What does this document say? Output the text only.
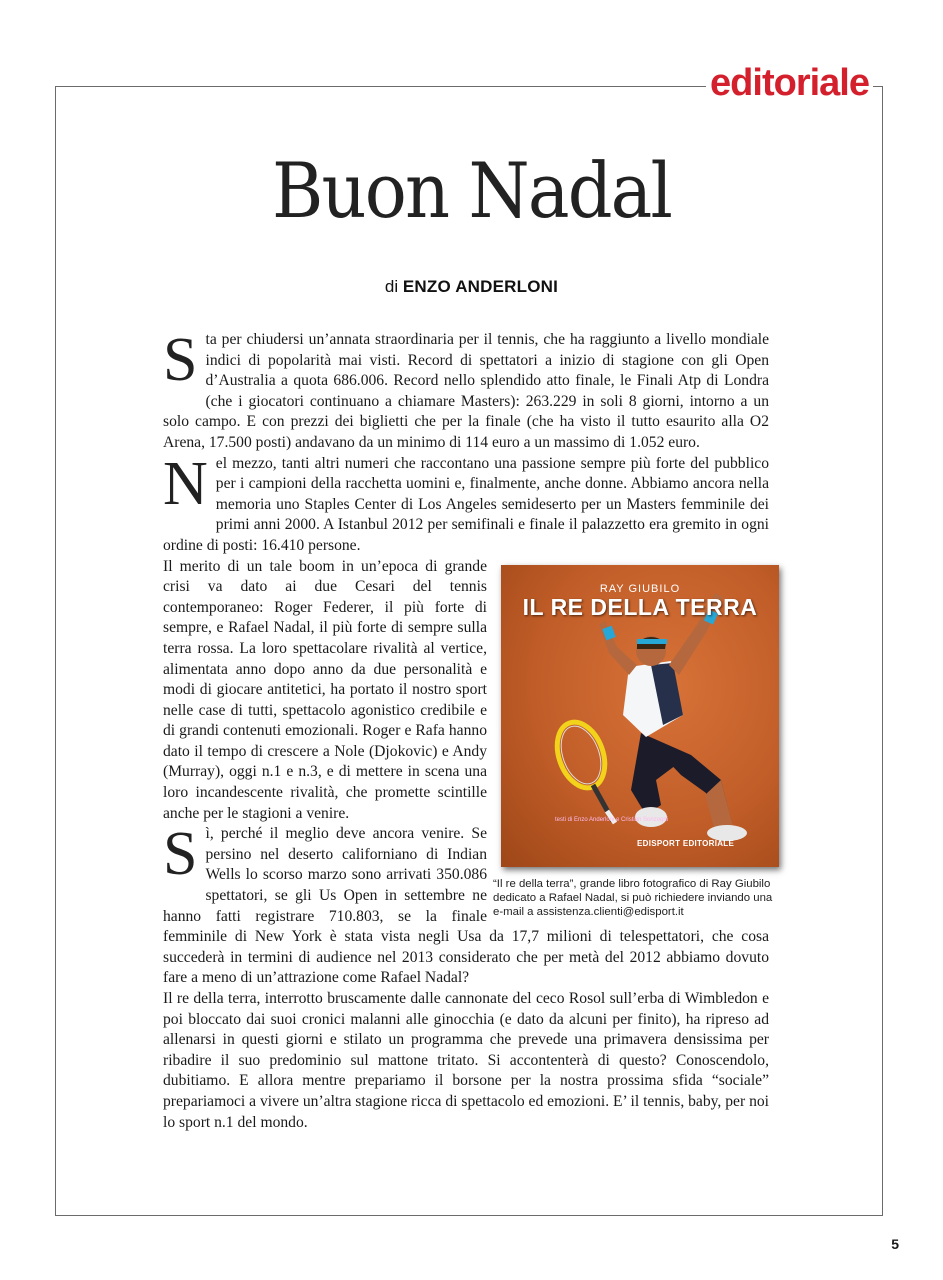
editoriale
Buon Nadal
di ENZO ANDERLONI

Sta per chiudersi un’annata straordinaria per il tennis, che ha raggiunto a livello mondiale indici di popolarità mai visti. Record di spettatori a inizio di stagione con gli Open d’Australia a quota 686.006. Record nello splendido atto finale, le Finali Atp di Londra (che i giocatori continuano a chiamare Masters): 263.229 in soli 8 giorni, intorno a un solo campo. E con prezzi dei biglietti che per la finale (che ha visto il tutto esaurito alla O2 Arena, 17.500 posti) andavano da un minimo di 114 euro a un massimo di 1.052 euro.

Nel mezzo, tanti altri numeri che raccontano una passione sempre più forte del pubblico per i campioni della racchetta uomini e, finalmente, anche donne. Abbiamo ancora nella memoria uno Staples Center di Los Angeles semideserto per un Masters femminile dei primi anni 2000. A Istanbul 2012 per semifinali e finale il palazzetto era gremito in ogni ordine di posti: 16.410 persone.

RAY GIUBILO
IL RE DELLA TERRA
testi di Enzo Anderloni e Cristian Sonzogni
EDISPORT EDITORIALE
“Il re della terra”, grande libro fotografico di Ray Giubilo dedicato a Rafael Nadal, si può richiedere inviando una e-mail a assistenza.clienti@edisport.it

Il merito di un tale boom in un’epoca di grande crisi va dato ai due Cesari del tennis contemporaneo: Roger Federer, il più forte di sempre, e Rafael Nadal, il più forte di sempre sulla terra rossa. La loro spettacolare rivalità al vertice, alimentata anno dopo anno da due personalità e modi di giocare antitetici, ha portato il nostro sport nelle case di tutti, spettacolo agonistico credibile e di grandi contenuti emozionali. Roger e Rafa hanno dato il tempo di crescere a Nole (Djokovic) e Andy (Murray), oggi n.1 e n.3, e di mettere in scena una loro incandescente rivalità, che promette scintille anche per le stagioni a venire.

Sì, perché il meglio deve ancora venire. Se persino nel deserto californiano di Indian Wells lo scorso marzo sono arrivati 350.086 spettatori, se gli Us Open in settembre ne hanno fatti registrare 710.803, se la finale femminile di New York è stata vista negli Usa da 17,7 milioni di telespettatori, che cosa succederà in termini di audience nel 2013 considerato che per metà del 2012 abbiamo dovuto fare a meno di un’attrazione come Rafael Nadal?

Il re della terra, interrotto bruscamente dalle cannonate del ceco Rosol sull’erba di Wimbledon e poi bloccato dai suoi cronici malanni alle ginocchia (e dato da alcuni per finito), ha ripreso ad allenarsi in questi giorni e stilato un programma che prevede una primavera densissima per ribadire il suo predominio sul mattone tritato. Si accontenterà di questo? Conoscendolo, dubitiamo. E allora mentre prepariamo il borsone per la nostra prossima sfida “sociale” prepariamoci a vivere un’altra stagione ricca di spettacolo ed emozioni. E’ il tennis, baby, per noi lo sport n.1 del mondo.

5
